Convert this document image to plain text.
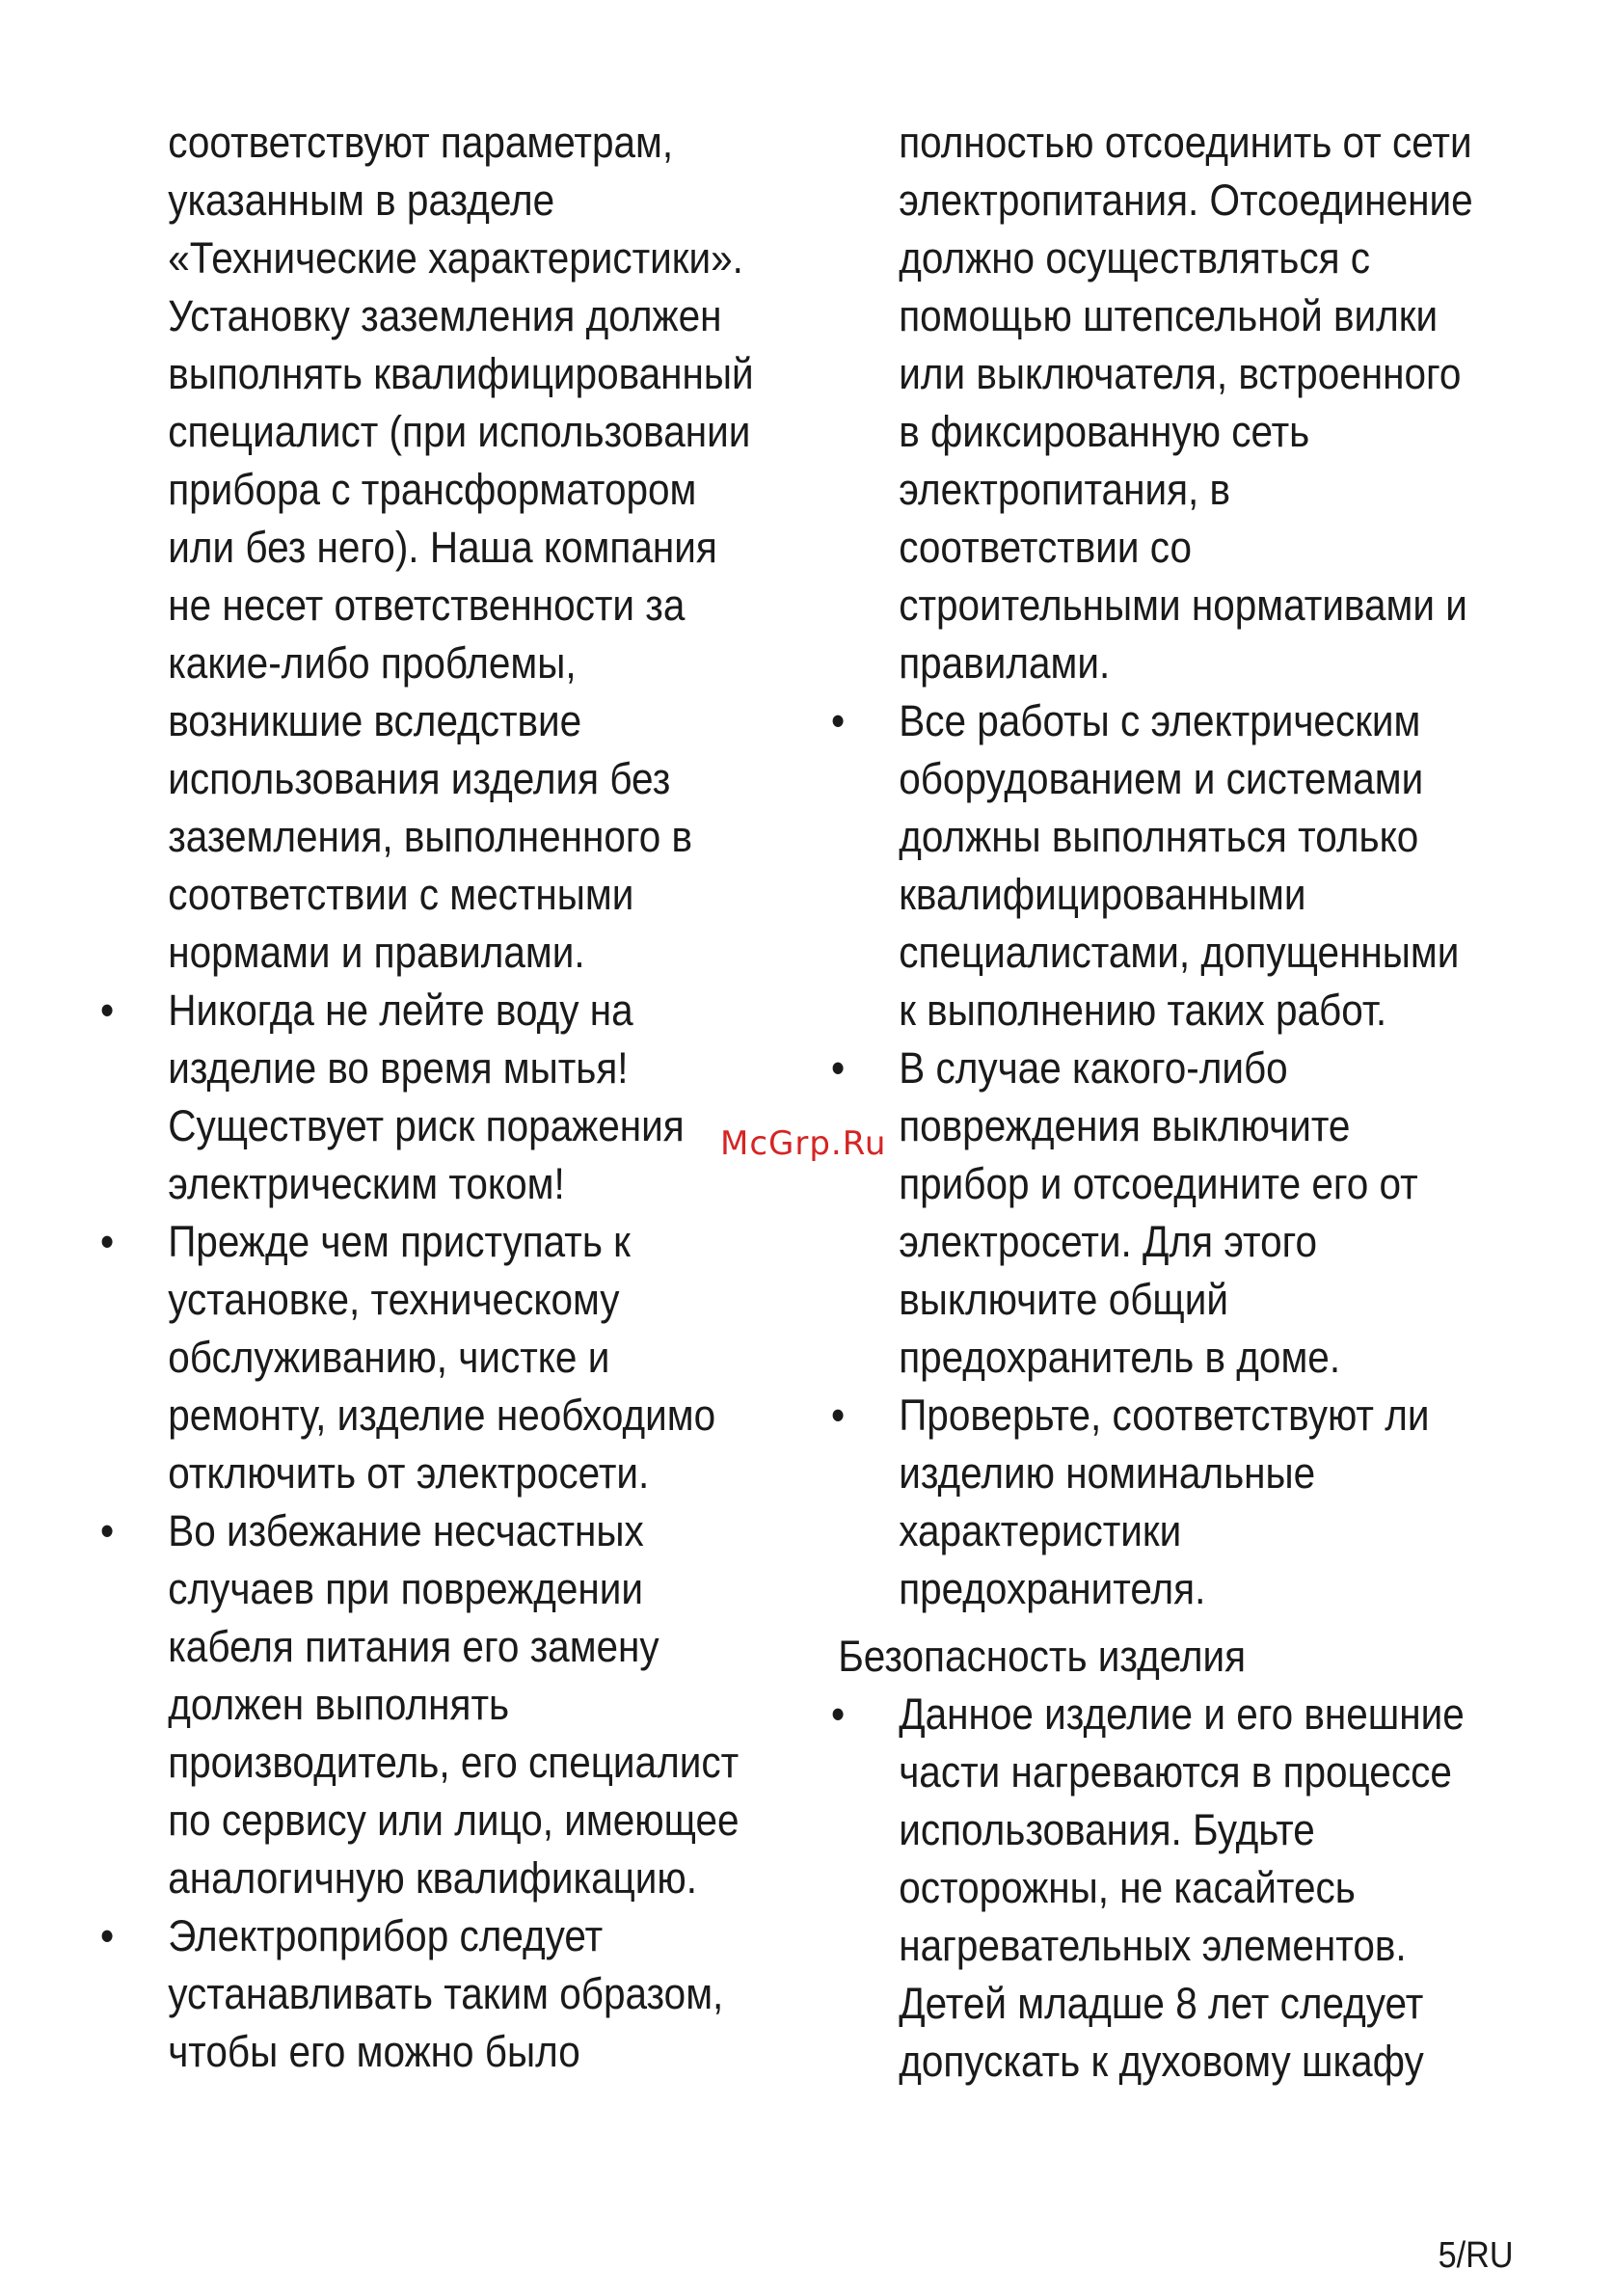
соответствуют параметрам, указанным в разделе «Технические характеристики». Установку заземления должен выполнять квалифицированный специалист (при использовании прибора с трансформатором или без него). Наша компания не несет ответственности за какие-либо проблемы, возникшие вследствие использования изделия без заземления, выполненного в соответствии с местными нормами и правилами.

• Никогда не лейте воду на изделие во время мытья! Существует риск поражения электрическим током!

• Прежде чем приступать к установке, техническому обслуживанию, чистке и ремонту, изделие необходимо отключить от электросети.

• Во избежание несчастных случаев при повреждении кабеля питания его замену должен выполнять производитель, его специалист по сервису или лицо, имеющее аналогичную квалификацию.

• Электроприбор следует устанавливать таким образом, чтобы его можно было

полностью отсоединить от сети электропитания. Отсоединение должно осуществляться с помощью штепсельной вилки или выключателя, встроенного в фиксированную сеть электропитания, в соответствии со строительными нормативами и правилами.

• Все работы с электрическим оборудованием и системами должны выполняться только квалифицированными специалистами, допущенными к выполнению таких работ.

• В случае какого-либо повреждения выключите прибор и отсоедините его от электросети. Для этого выключите общий предохранитель в доме.

• Проверьте, соответствуют ли изделию номинальные характеристики предохранителя.

Безопасность изделия

• Данное изделие и его внешние части нагреваются в процессе использования. Будьте осторожны, не касайтесь нагревательных элементов. Детей младше 8 лет следует допускать к духовому шкафу

McGrp.Ru
5/RU
